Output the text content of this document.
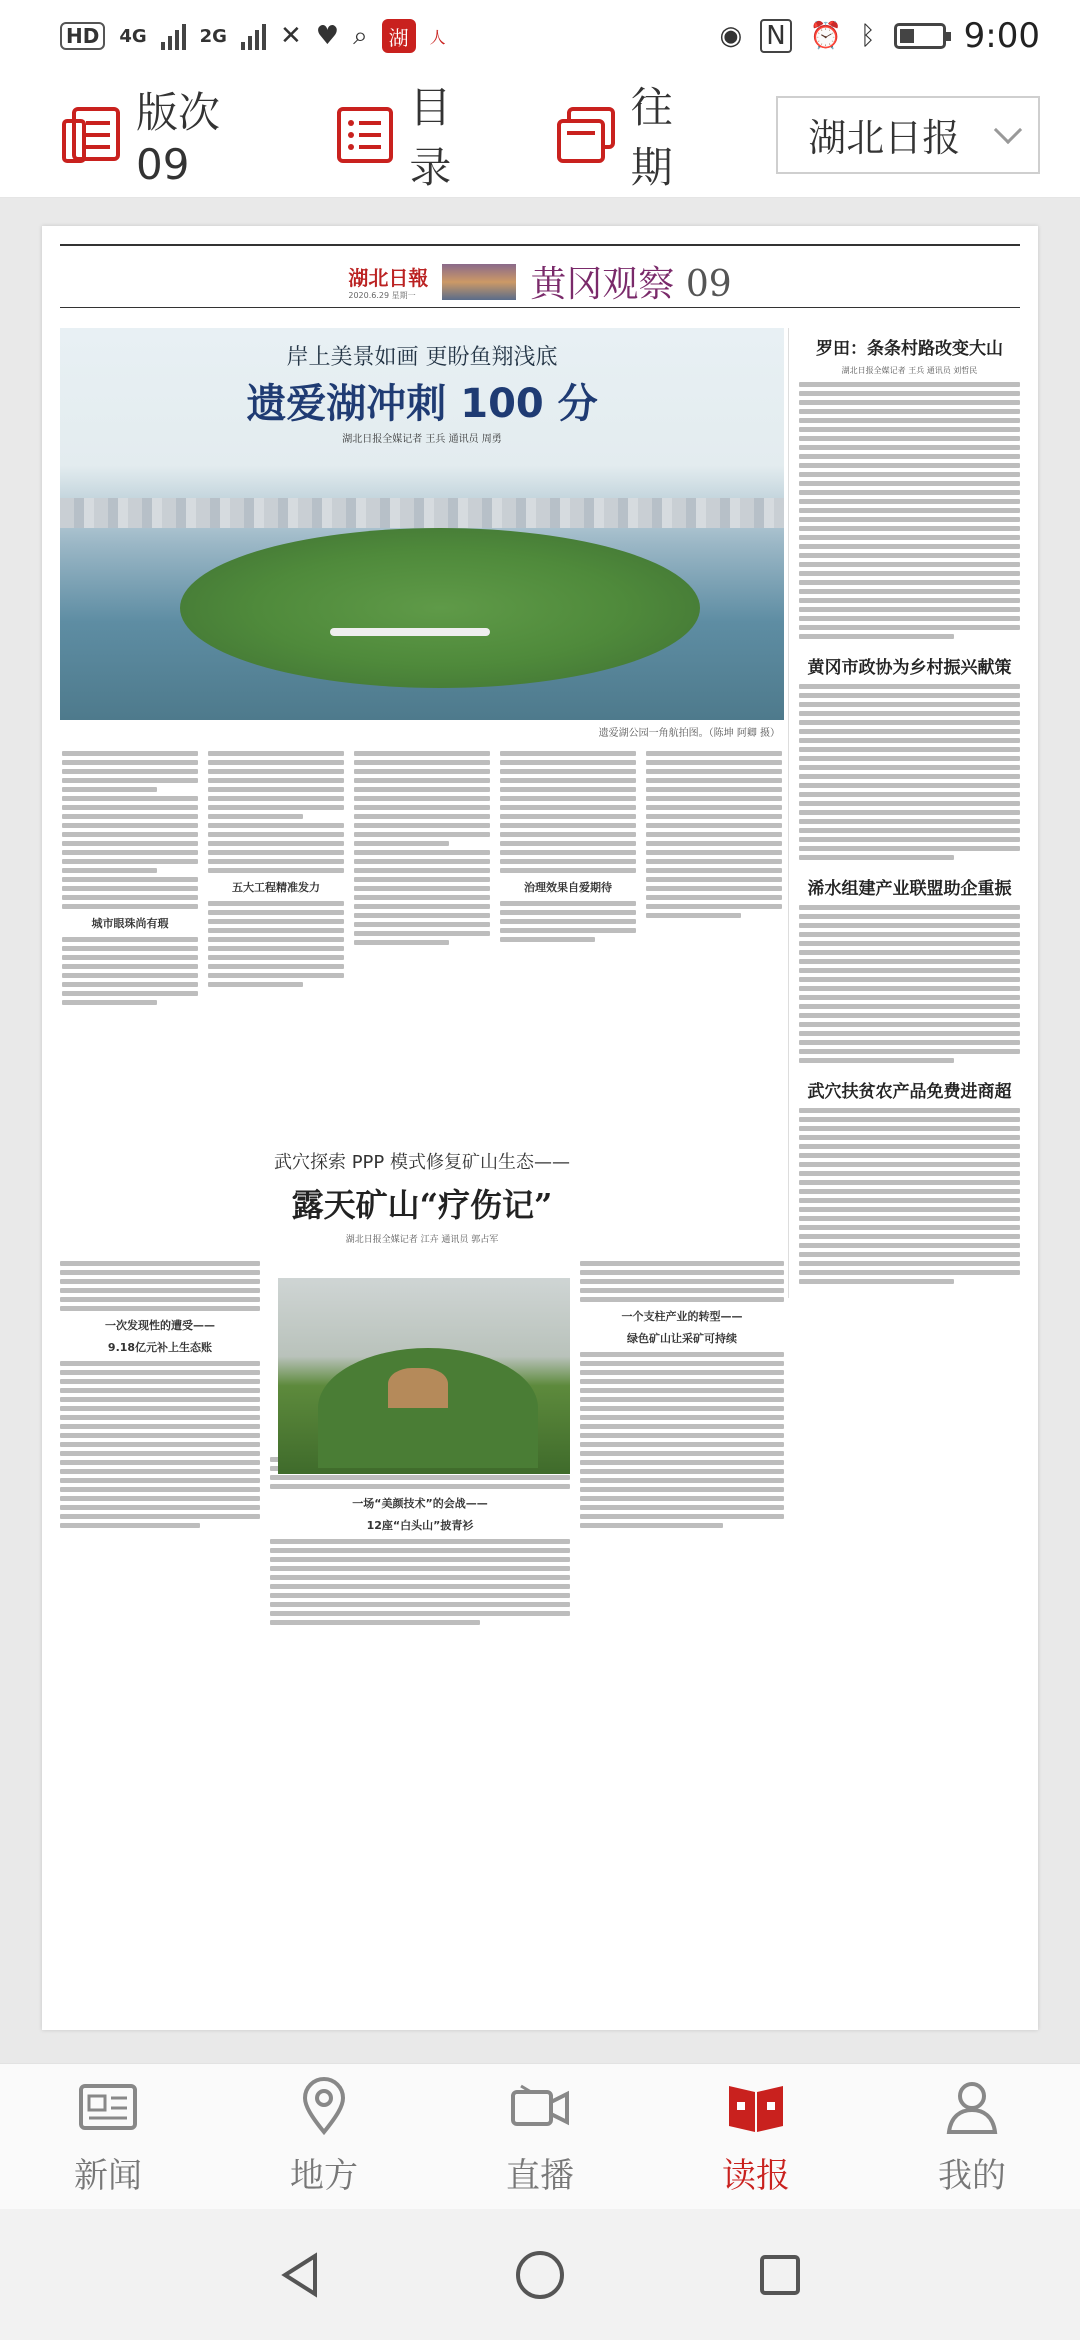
HD	4G	2G ✕ ♥ ⌕	湖	人	◉ N ⏰ ᛒ	9:00
版次09
目录
往期
湖北日报
湖北日報
2020.6.29 星期一	黄冈观察 09
岸上美景如画 更盼鱼翔浅底
遗爱湖冲刺 100 分
湖北日报全媒记者 王兵 通讯员 周勇
遗爱湖公园一角航拍图。（陈坤 阿卿 摄）
城市眼珠尚有瑕
五大工程精准发力	治理效果自爱期待
武穴探索 PPP 模式修复矿山生态——
露天矿山“疗伤记”
湖北日报全媒记者 江卉 通讯员 郭占军
一次发现性的遭受——
9.18亿元补上生态账
一场“美颜技术”的会战——
12座“白头山”披青衫
一个支柱产业的转型——
绿色矿山让采矿可持续
罗田：条条村路改变大山
湖北日报全媒记者 王兵 通讯员 刘哲民
黄冈市政协为乡村振兴献策
浠水组建产业联盟助企重振
武穴扶贫农产品免费进商超
新闻	地方	直播	读报	我的
